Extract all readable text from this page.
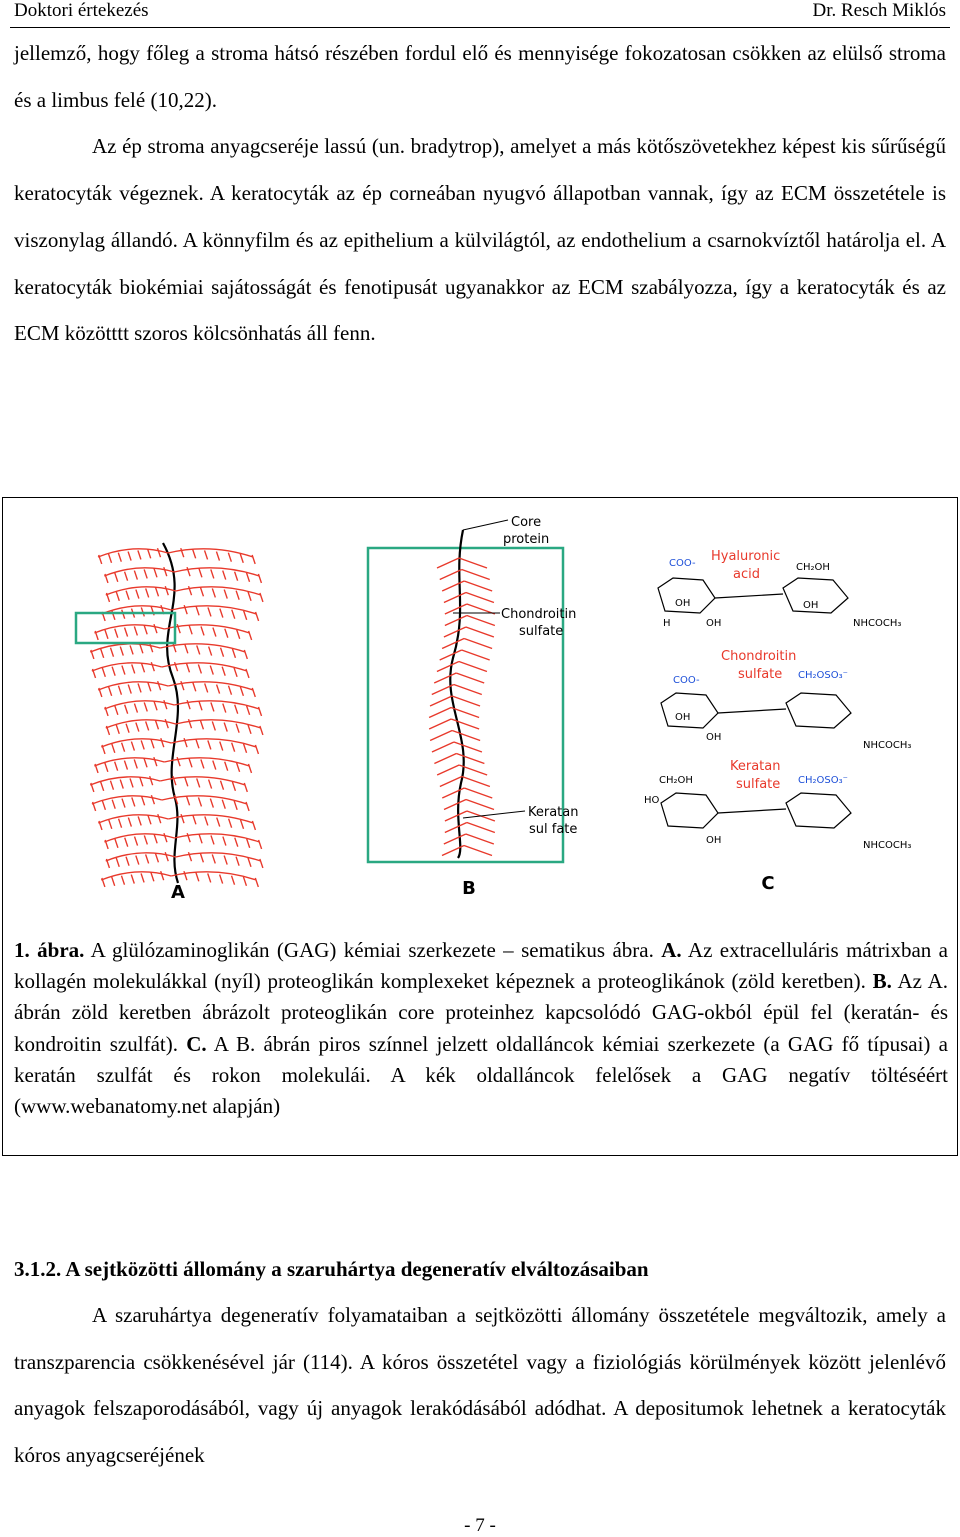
Doktori értekezés	Dr. Resch Miklós

jellemző, hogy főleg a stroma hátsó részében fordul elő és mennyisége fokozatosan csökken az elülső stroma és a limbus felé (10,22).

Az ép stroma anyagcseréje lassú (un. bradytrop), amelyet a más kötőszövetekhez képest kis sűrűségű keratocyták végeznek. A keratocyták az ép corneában nyugvó állapotban vannak, így az ECM összetétele is viszonylag állandó. A könnyfilm és az epithelium a külvilágtól, az endothelium a csarnokvíztől határolja el. A keratocyták biokémiai sajátosságát és fenotipusát ugyanakkor az ECM szabályozza, így a keratocyták és az ECM közötttt szoros kölcsönhatás áll fenn.

A
Core
protein
Chondroitin
sulfate
Keratan
sul fate
B
Hyaluronic
acid
COO-	CH₂OH
OH
OH
OH
NHCOCH₃
H
Chondroitin
sulfate
COO-	CH₂OSO₃⁻
OH
OH
NHCOCH₃
Keratan
sulfate
CH₂OH	CH₂OSO₃⁻
HO
OH	NHCOCH₃
C
1. ábra. A glülózaminoglikán (GAG) kémiai szerkezete – sematikus ábra. A. Az extracelluláris mátrixban a kollagén molekulákkal (nyíl) proteoglikán komplexeket képeznek a proteoglikánok (zöld keretben). B. Az A. ábrán zöld keretben ábrázolt proteoglikán core proteinhez kapcsolódó GAG-okból épül fel (keratán- és kondroitin szulfát). C. A B. ábrán piros színnel jelzett oldalláncok kémiai szerkezete (a GAG fő típusai) a keratán szulfát és rokon molekulái. A kék oldalláncok felelősek a GAG negatív töltéséért (www.webanatomy.net alapján)
3.1.2. A sejtközötti állomány a szaruhártya degeneratív elváltozásaiban

A szaruhártya degeneratív folyamataiban a sejtközötti állomány összetétele megváltozik, amely a transzparencia csökkenésével jár (114). A kóros összetétel vagy a fiziológiás körülmények között jelenlévő anyagok felszaporodásából, vagy új anyagok lerakódásából adódhat. A depositumok lehetnek a keratocyták kóros anyagcseréjének

- 7 -
